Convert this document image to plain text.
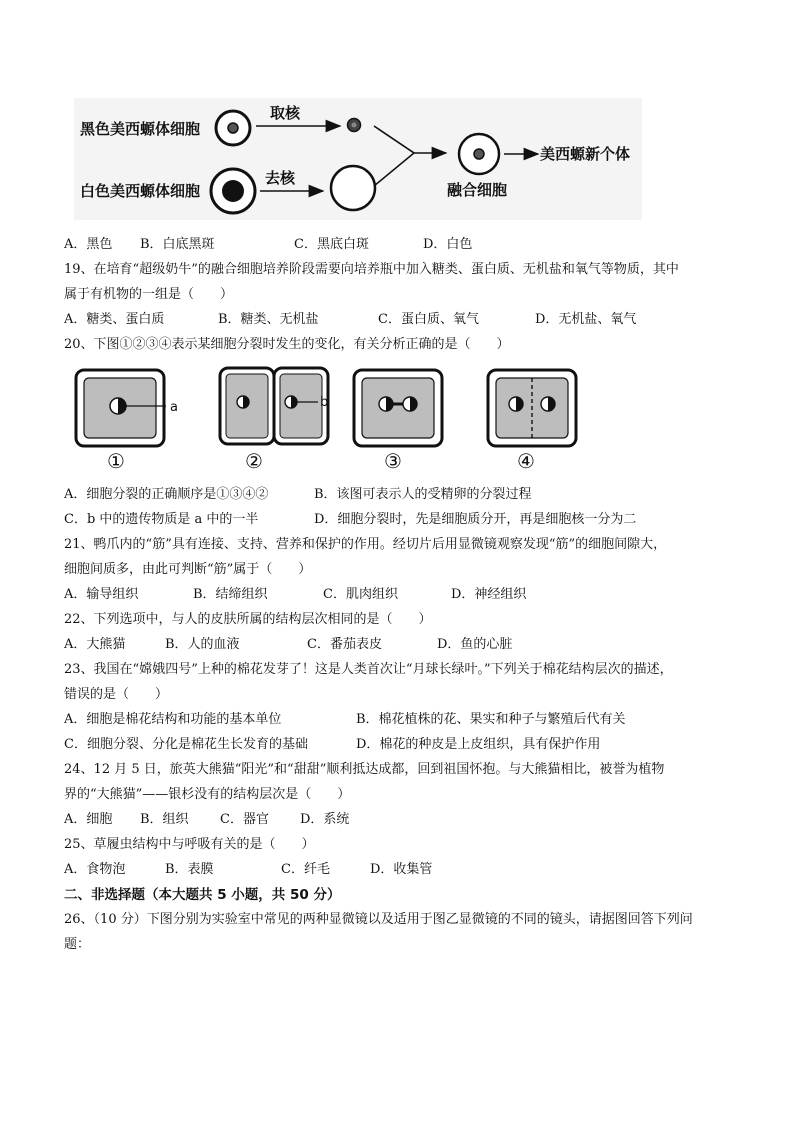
黑色美西螈体细胞
白色美西螈体细胞
取核
去核
融合细胞
美西螈新个体
A．黑色 B．白底黑斑	C．黑底白斑	D．白色
19、在培育“超级奶牛”的融合细胞培养阶段需要向培养瓶中加入糖类、蛋白质、无机盐和氧气等物质，其中
属于有机物的一组是（　　）
A．糖类、蛋白质	B．糖类、无机盐	C．蛋白质、氧气	D．无机盐、氧气
20、下图①②③④表示某细胞分裂时发生的变化，有关分析正确的是（　　）
a	b
①	②	③	④
A．细胞分裂的正确顺序是①③④②	B．该图可表示人的受精卵的分裂过程
C．b 中的遗传物质是 a 中的一半	D．细胞分裂时，先是细胞质分开，再是细胞核一分为二
21、鸭爪内的“筋”具有连接、支持、营养和保护的作用。经切片后用显微镜观察发现“筋”的细胞间隙大，
细胞间质多，由此可判断“筋”属于（　　）
A．输导组织	B．结缔组织	C．肌肉组织	D．神经组织
22、下列选项中，与人的皮肤所属的结构层次相同的是（　　）
A．大熊猫	B．人的血液	C．番茄表皮	D．鱼的心脏
23、我国在“嫦娥四号”上种的棉花发芽了！这是人类首次让“月球长绿叶。”下列关于棉花结构层次的描述，
错误的是（　　）
A．细胞是棉花结构和功能的基本单位	B．棉花植株的花、果实和种子与繁殖后代有关
C．细胞分裂、分化是棉花生长发育的基础	D．棉花的种皮是上皮组织，具有保护作用
24、12 月 5 日，旅英大熊猫“阳光”和“甜甜”顺利抵达成都，回到祖国怀抱。与大熊猫相比，被誉为植物
界的“大熊猫”——银杉没有的结构层次是（　　）
A．细胞 B．组织 C．器官 D．系统
25、草履虫结构中与呼吸有关的是（　　）
A．食物泡	B．表膜	C．纤毛	D．收集管
二、非选择题（本大题共 5 小题，共 50 分）
26、（10 分）下图分别为实验室中常见的两种显微镜以及适用于图乙显微镜的不同的镜头，请据图回答下列问
题：
